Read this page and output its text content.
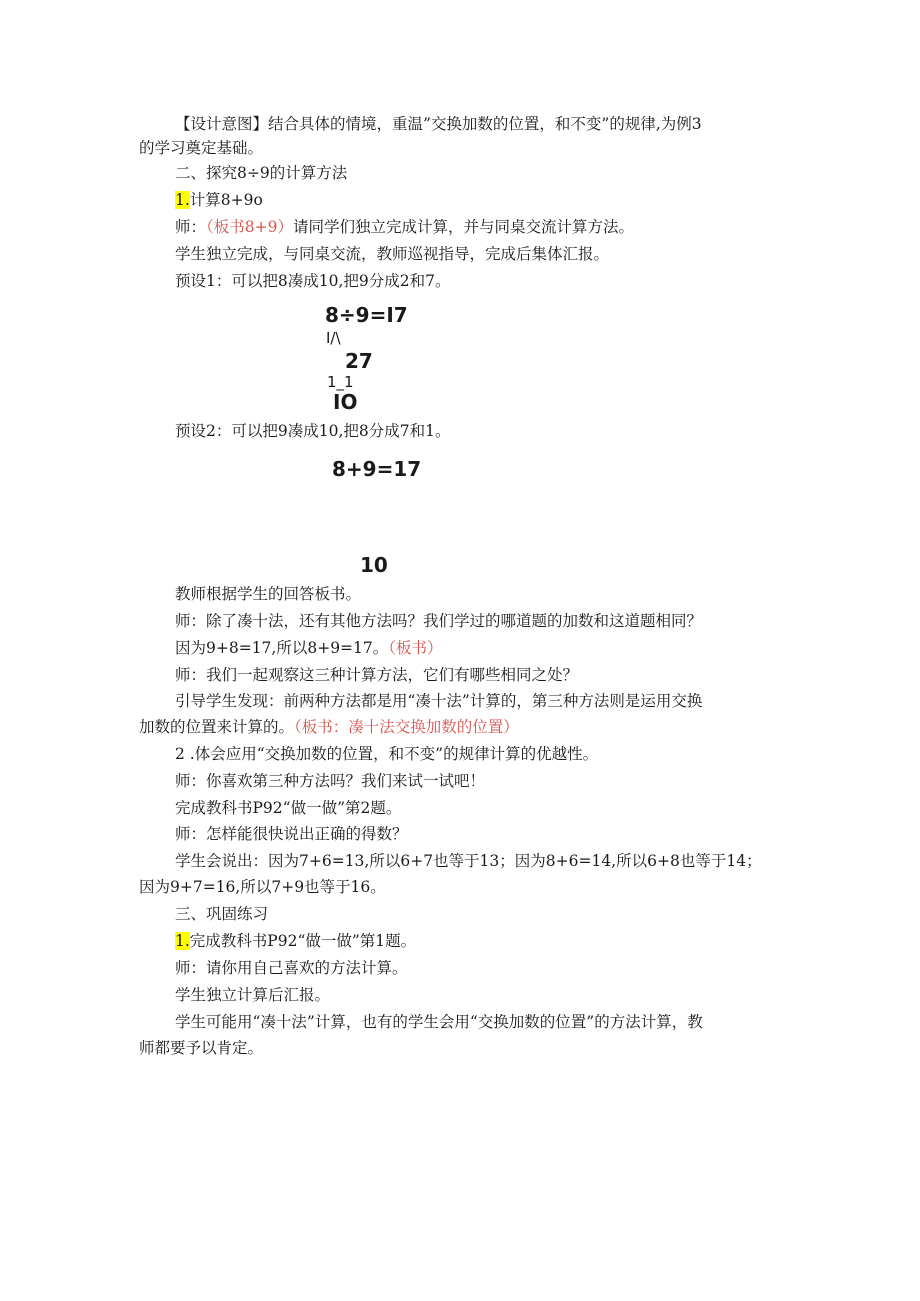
【设计意图】结合具体的情境，重温”交换加数的位置，和不变”的规律,为例3
的学习奠定基础。
二、探究8÷9的计算方法
1.计算8+9o
师：（板书8+9）请同学们独立完成计算，并与同桌交流计算方法。
学生独立完成，与同桌交流，教师巡视指导，完成后集体汇报。
预设1：可以把8凑成10,把9分成2和7。
8÷9=I7
I/\
27
1_1
IO
预设2：可以把9凑成10,把8分成7和1。
8+9=17
10
教师根据学生的回答板书。
师：除了凑十法，还有其他方法吗？我们学过的哪道题的加数和这道题相同？
因为9+8=17,所以8+9=17。（板书）
师：我们一起观察这三种计算方法，它们有哪些相同之处？
引导学生发现：前两种方法都是用“凑十法”计算的，第三种方法则是运用交换
加数的位置来计算的。（板书：凑十法交换加数的位置）
2 .体会应用“交换加数的位置，和不变”的规律计算的优越性。
师：你喜欢第三种方法吗？我们来试一试吧！
完成教科书P92“做一做”第2题。
师：怎样能很快说出正确的得数？
学生会说出：因为7+6=13,所以6+7也等于13；因为8+6=14,所以6+8也等于14；
因为9+7=16,所以7+9也等于16。
三、巩固练习
1.完成教科书P92“做一做”第1题。
师：请你用自己喜欢的方法计算。
学生独立计算后汇报。
学生可能用“凑十法”计算，也有的学生会用“交换加数的位置”的方法计算，教
师都要予以肯定。
